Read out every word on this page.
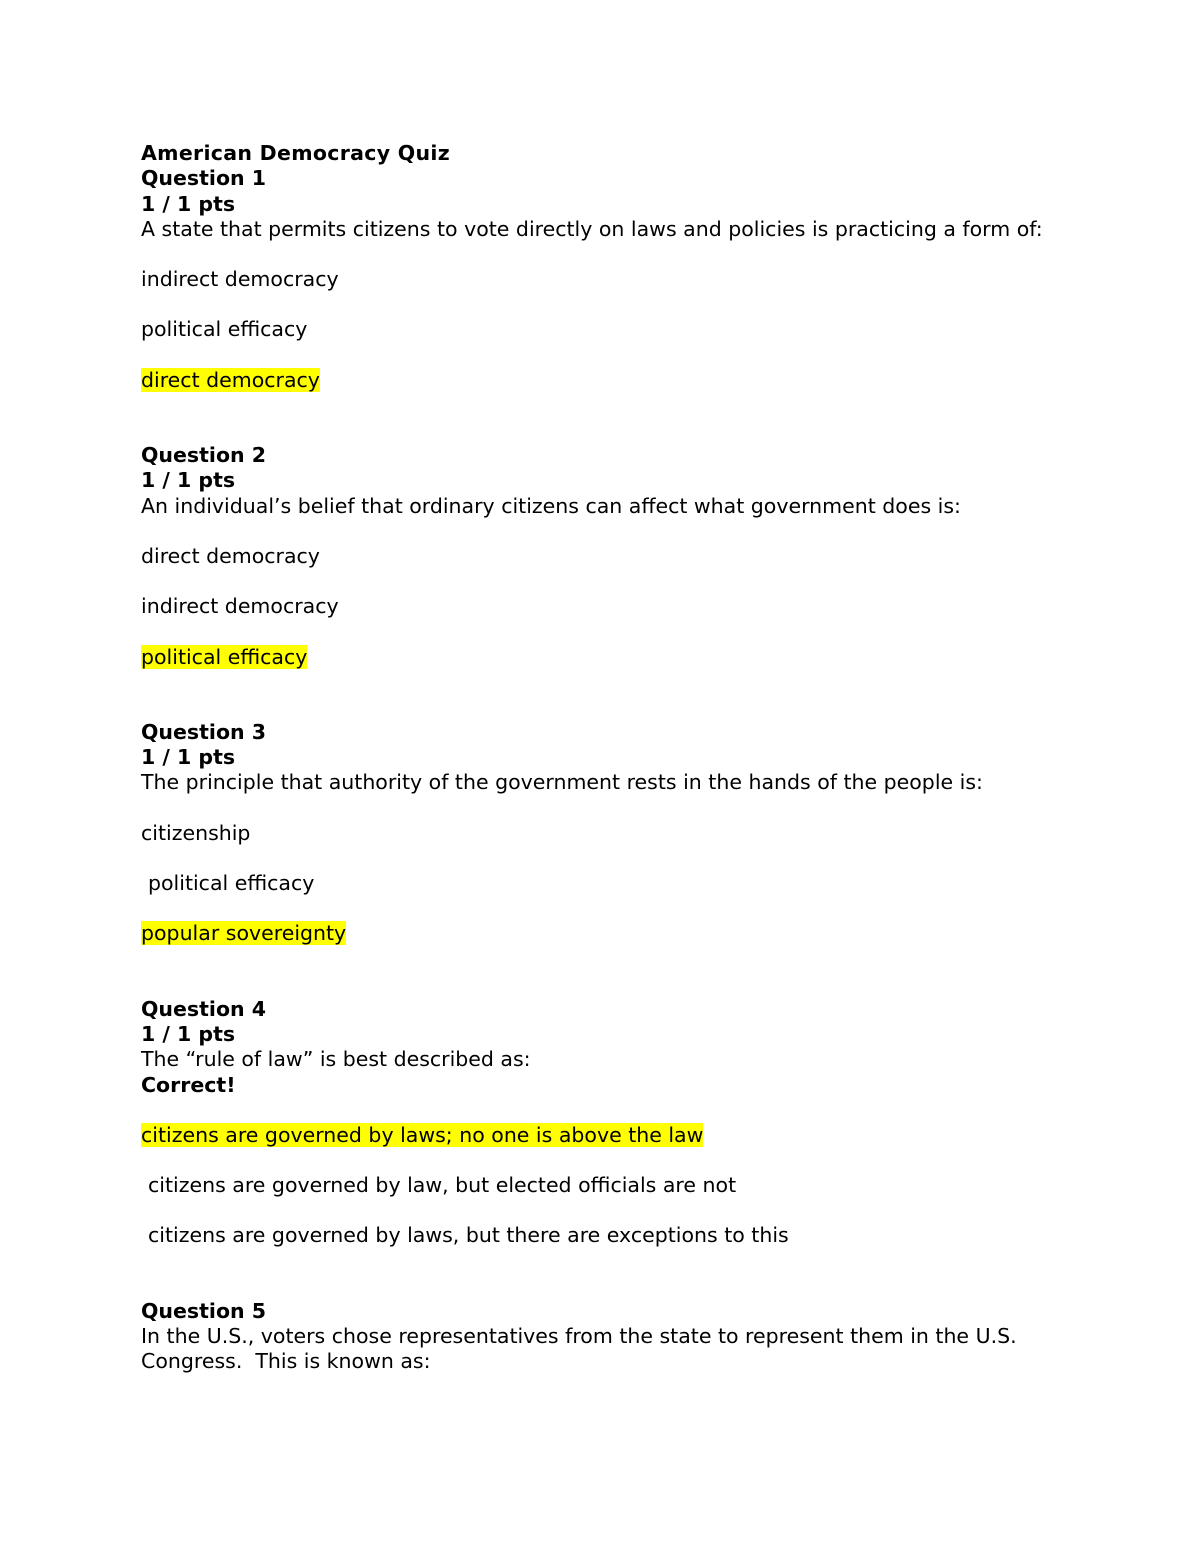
American Democracy Quiz
Question 1
1 / 1 pts
A state that permits citizens to vote directly on laws and policies is practicing a form of:
indirect democracy
political efficacy
direct democracy
Question 2
1 / 1 pts
An individual’s belief that ordinary citizens can affect what government does is:
direct democracy
indirect democracy
political efficacy
Question 3
1 / 1 pts
The principle that authority of the government rests in the hands of the people is:
citizenship
political efficacy
popular sovereignty
Question 4
1 / 1 pts
The “rule of law” is best described as:
Correct!
citizens are governed by laws; no one is above the law
citizens are governed by law, but elected officials are not
citizens are governed by laws, but there are exceptions to this
Question 5
In the U.S., voters chose representatives from the state to represent them in the U.S. Congress.  This is known as:
